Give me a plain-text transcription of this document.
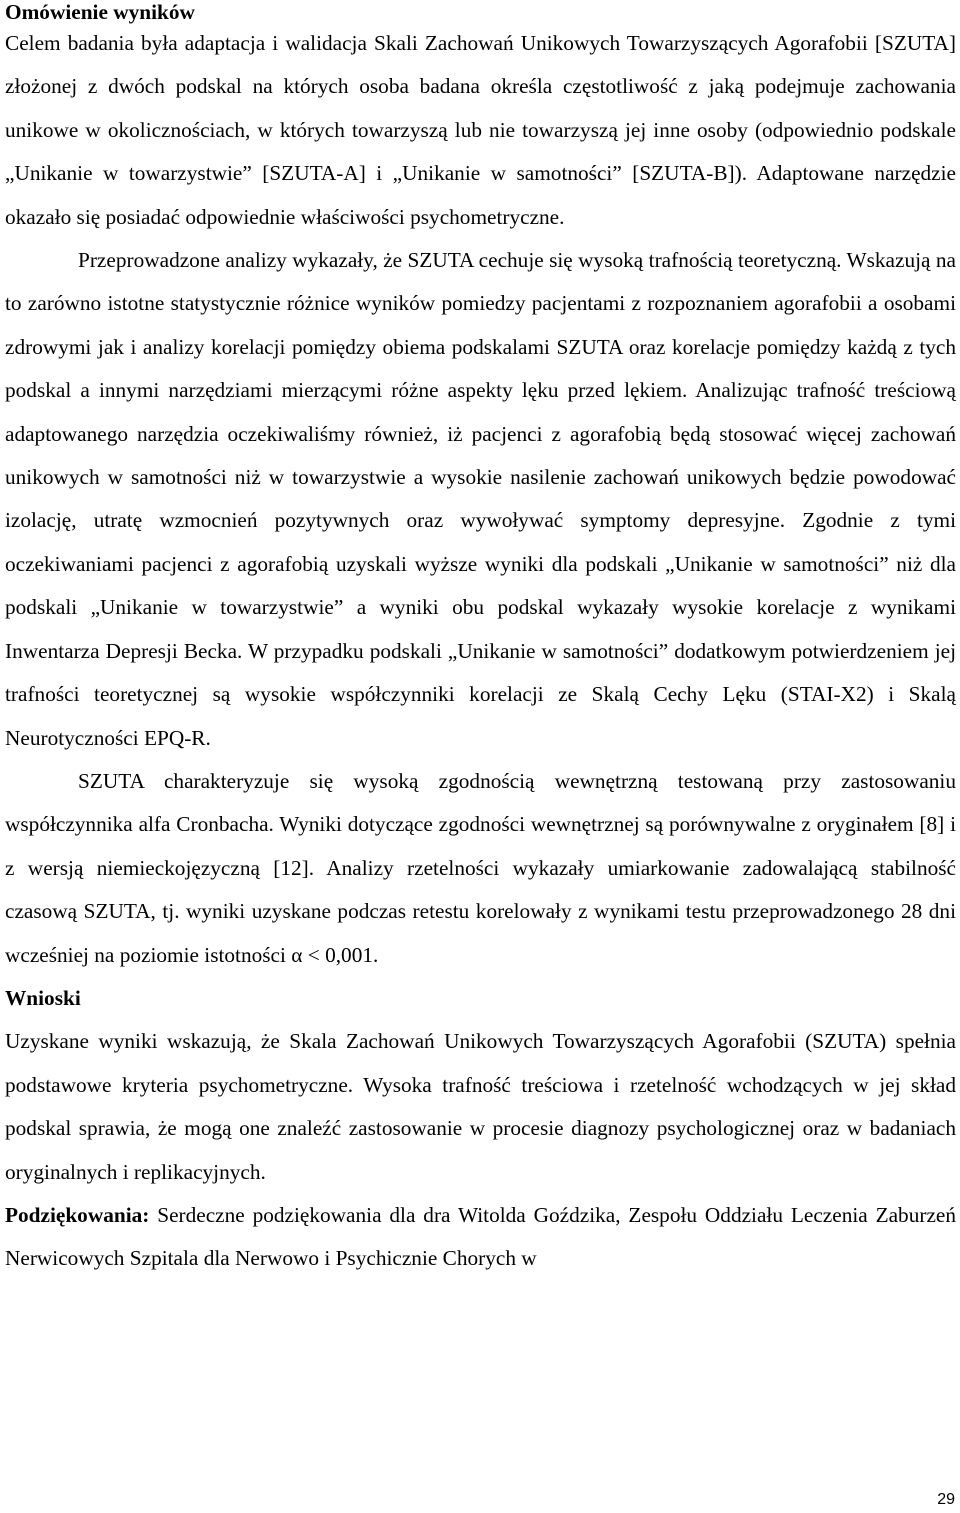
Omówienie wyników

Celem badania była adaptacja i walidacja Skali Zachowań Unikowych Towarzyszących Agorafobii [SZUTA] złożonej z dwóch podskal na których osoba badana określa częstotliwość z jaką podejmuje zachowania unikowe w okolicznościach, w których towarzyszą lub nie towarzyszą jej inne osoby (odpowiednio podskale „Unikanie w towarzystwie” [SZUTA-A] i „Unikanie w samotności” [SZUTA-B]). Adaptowane narzędzie okazało się posiadać odpowiednie właściwości psychometryczne.

Przeprowadzone analizy wykazały, że SZUTA cechuje się wysoką trafnością teoretyczną. Wskazują na to zarówno istotne statystycznie różnice wyników pomiedzy pacjentami z rozpoznaniem agorafobii a osobami zdrowymi jak i analizy korelacji pomiędzy obiema podskalami SZUTA oraz korelacje pomiędzy każdą z tych podskal a innymi narzędziami mierzącymi różne aspekty lęku przed lękiem. Analizując trafność treściową adaptowanego narzędzia oczekiwaliśmy również, iż pacjenci z agorafobią będą stosować więcej zachowań unikowych w samotności niż w towarzystwie a wysokie nasilenie zachowań unikowych będzie powodować izolację, utratę wzmocnień pozytywnych oraz wywoływać symptomy depresyjne. Zgodnie z tymi oczekiwaniami pacjenci z agorafobią uzyskali wyższe wyniki dla podskali „Unikanie w samotności” niż dla podskali „Unikanie w towarzystwie” a wyniki obu podskal wykazały wysokie korelacje z wynikami Inwentarza Depresji Becka. W przypadku podskali „Unikanie w samotności” dodatkowym potwierdzeniem jej trafności teoretycznej są wysokie współczynniki korelacji ze Skalą Cechy Lęku (STAI-X2) i Skalą Neurotyczności EPQ-R.

SZUTA charakteryzuje się wysoką zgodnością wewnętrzną testowaną przy zastosowaniu współczynnika alfa Cronbacha. Wyniki dotyczące zgodności wewnętrznej są porównywalne z oryginałem [8] i z wersją niemieckojęzyczną [12]. Analizy rzetelności wykazały umiarkowanie zadowalającą stabilność czasową SZUTA, tj. wyniki uzyskane podczas retestu korelowały z wynikami testu przeprowadzonego 28 dni wcześniej na poziomie istotności α < 0,001.

Wnioski

Uzyskane wyniki wskazują, że Skala Zachowań Unikowych Towarzyszących Agorafobii (SZUTA) spełnia podstawowe kryteria psychometryczne. Wysoka trafność treściowa i rzetelność wchodzących w jej skład podskal sprawia, że mogą one znaleźć zastosowanie w procesie diagnozy psychologicznej oraz w badaniach oryginalnych i replikacyjnych.

Podziękowania: Serdeczne podziękowania dla dra Witolda Goździka, Zespołu Oddziału Leczenia Zaburzeń Nerwicowych Szpitala dla Nerwowo i Psychicznie Chorych w

29
